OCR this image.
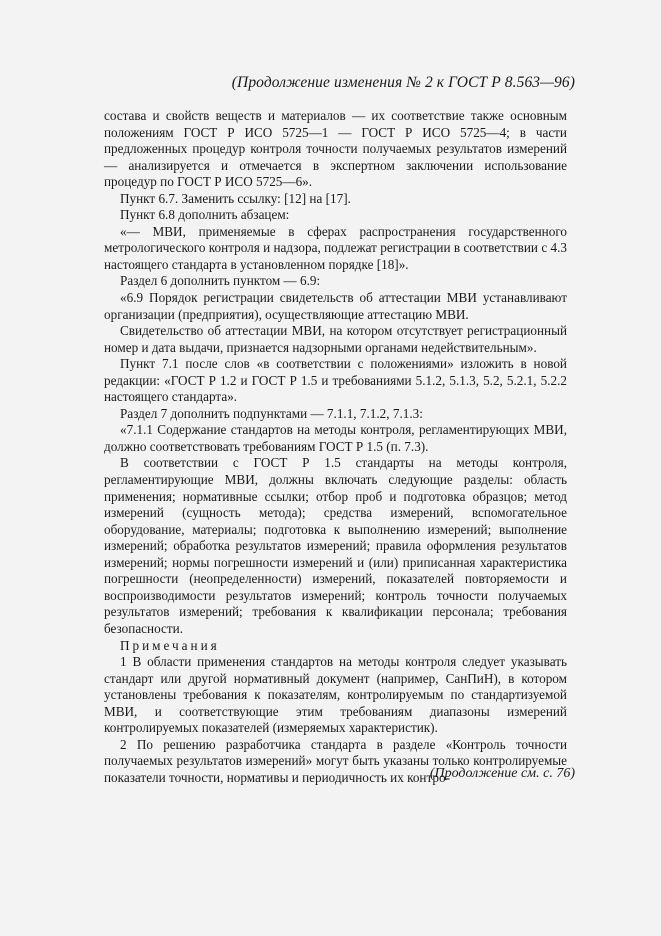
(Продолжение изменения № 2 к ГОСТ Р 8.563—96)

состава и свойств веществ и материалов — их соответствие также основным положениям ГОСТ Р ИСО 5725—1 — ГОСТ Р ИСО 5725—4; в части предложенных процедур контроля точности получаемых результатов измерений — анализируется и отмечается в экспертном заключении использование процедур по ГОСТ Р ИСО 5725—6».

Пункт 6.7. Заменить ссылку: [12] на [17].

Пункт 6.8 дополнить абзацем:

«— МВИ, применяемые в сферах распространения государственного метрологического контроля и надзора, подлежат регистрации в соответствии с 4.3 настоящего стандарта в установленном порядке [18]».

Раздел 6 дополнить пунктом — 6.9:

«6.9 Порядок регистрации свидетельств об аттестации МВИ устанавливают организации (предприятия), осуществляющие аттестацию МВИ.

Свидетельство об аттестации МВИ, на котором отсутствует регистрационный номер и дата выдачи, признается надзорными органами недействительным».

Пункт 7.1 после слов «в соответствии с положениями» изложить в новой редакции: «ГОСТ Р 1.2 и ГОСТ Р 1.5 и требованиями 5.1.2, 5.1.3, 5.2, 5.2.1, 5.2.2 настоящего стандарта».

Раздел 7 дополнить подпунктами — 7.1.1, 7.1.2, 7.1.3:

«7.1.1 Содержание стандартов на методы контроля, регламентирующих МВИ, должно соответствовать требованиям ГОСТ Р 1.5 (п. 7.3).

В соответствии с ГОСТ Р 1.5 стандарты на методы контроля, регламентирующие МВИ, должны включать следующие разделы: область применения; нормативные ссылки; отбор проб и подготовка образцов; метод измерений (сущность метода); средства измерений, вспомогательное оборудование, материалы; подготовка к выполнению измерений; выполнение измерений; обработка результатов измерений; правила оформления результатов измерений; нормы погрешности измерений и (или) приписанная характеристика погрешности (неопределенности) измерений, показателей повторяемости и воспроизводимости результатов измерений; контроль точности получаемых результатов измерений; требования к квалификации персонала; требования безопасности.

Примечания

1 В области применения стандартов на методы контроля следует указывать стандарт или другой нормативный документ (например, СанПиН), в котором установлены требования к показателям, контролируемым по стандартизуемой МВИ, и соответствующие этим требованиям диапазоны измерений контролируемых показателей (измеряемых характеристик).

2 По решению разработчика стандарта в разделе «Контроль точности получаемых результатов измерений» могут быть указаны только контролируемые показатели точности, нормативы и периодичность их контро-

(Продолжение см. с. 76)
